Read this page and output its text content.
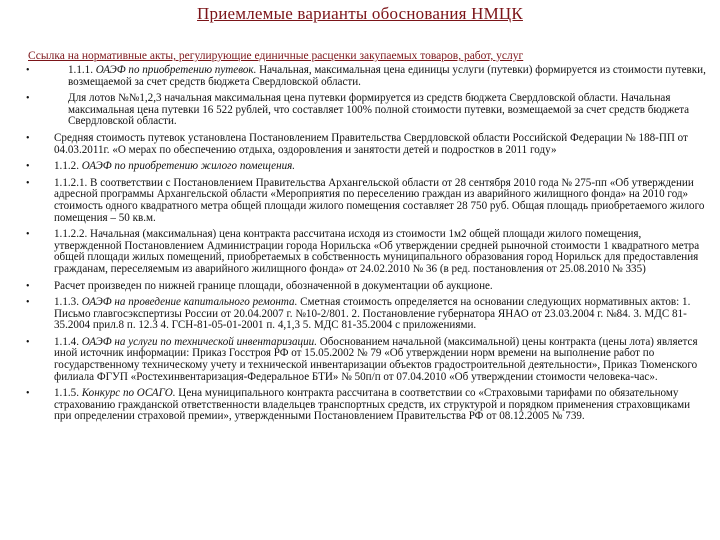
Приемлемые варианты обоснования НМЦК
Ссылка на нормативные акты, регулирующие единичные расценки закупаемых товаров, работ, услуг
•	1.1.1. ОАЭФ по приобретению путевок. Начальная, максимальная цена единицы услуги (путевки) формируется из стоимости путевки, возмещаемой за счет средств бюджета Свердловской области.
•	Для лотов №№1,2,3 начальная максимальная цена путевки формируется из средств бюджета Свердловской области. Начальная максимальная цена путевки 16 522 рублей, что составляет 100% полной стоимости путевки, возмещаемой за счет средств бюджета Свердловской области.
• Средняя стоимость путевок установлена Постановлением Правительства Свердловской области Российской Федерации № 188-ПП от 04.03.2011г. «О мерах по обеспечению отдыха, оздоровления и занятости детей и подростков в 2011 году»
• 1.1.2. ОАЭФ по приобретению жилого помещения.
• 1.1.2.1. В соответствии с Постановлением Правительства Архангельской области от 28 сентября 2010 года № 275-пп «Об утверждении адресной программы Архангельской области «Мероприятия по переселению граждан из аварийного жилищного фонда» на 2010 год» стоимость одного квадратного метра общей площади жилого помещения составляет 28 750 руб. Общая площадь приобретаемого жилого помещения – 50 кв.м.
• 1.1.2.2. Начальная (максимальная) цена контракта рассчитана исходя из стоимости 1м2 общей площади жилого помещения, утвержденной Постановлением Администрации города Норильска «Об утверждении средней рыночной стоимости 1 квадратного метра общей площади жилых помещений, приобретаемых в собственность муниципального образования город Норильск для предоставления гражданам, переселяемым из аварийного жилищного фонда» от 24.02.2010 № 36 (в ред. постановления от 25.08.2010 № 335)
• Расчет произведен по нижней границе площади, обозначенной в документации об аукционе.
• 1.1.3. ОАЭФ на проведение капитального ремонта. Сметная стоимость определяется на основании следующих нормативных актов: 1. Письмо главгосэкспертизы России от 20.04.2007 г. №10-2/801. 2. Постановление губернатора ЯНАО от 23.03.2004 г. №84. 3. МДС 81-35.2004 прил.8 п. 12.3 4. ГСН-81-05-01-2001 п. 4,1,3 5. МДС 81-35.2004 с приложениями.
• 1.1.4. ОАЭФ на услуги по технической инвентаризации. Обоснованием начальной (максимальной) цены контракта (цены лота) является иной источник информации: Приказ Госстроя РФ от 15.05.2002 № 79 «Об утверждении норм времени на выполнение работ по государственному техническому учету и технической инвентаризации объектов градостроительной деятельности», Приказ Тюменского филиала ФГУП «Ростехинвентаризация-Федеральное БТИ» № 50п/п от 07.04.2010 «Об утверждении стоимости человека-час».
• 1.1.5. Конкурс по ОСАГО. Цена муниципального контракта рассчитана в соответствии со «Страховыми тарифами по обязательному страхованию гражданской ответственности владельцев транспортных средств, их структурой и порядком применения страховщиками при определении страховой премии», утвержденными Постановлением Правительства РФ от 08.12.2005 № 739.
